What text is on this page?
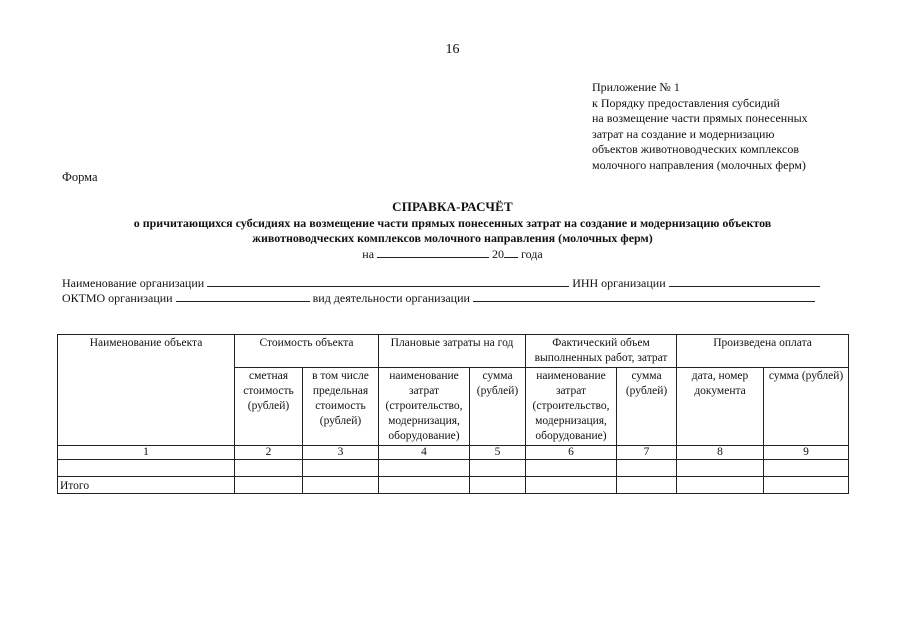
16
Приложение № 1
к Порядку предоставления субсидий
на возмещение части прямых понесенных
затрат на создание и модернизацию
объектов животноводческих комплексов
молочного направления (молочных ферм)
Форма
СПРАВКА-РАСЧЁТ
о причитающихся субсидиях на возмещение части прямых понесенных затрат на создание и модернизацию объектов
животноводческих комплексов молочного направления (молочных ферм)
на	20 года
Наименование организации	ИНН организации
ОКТМО организации	вид деятельности организации
Наименование объекта	Стоимость объекта		Плановые затраты на год		Фактический объем выполненных работ, затрат		Произведена оплата	
	сметная стоимость (рублей)	в том числе предельная стоимость (рублей)	наименование затрат (строительство, модернизация, оборудование)	сумма (рублей)	наименование затрат (строительство, модернизация, оборудование)	сумма (рублей)	дата, номер документа	сумма (рублей)
1	2	3	4	5	6	7	8	9

Итого								
